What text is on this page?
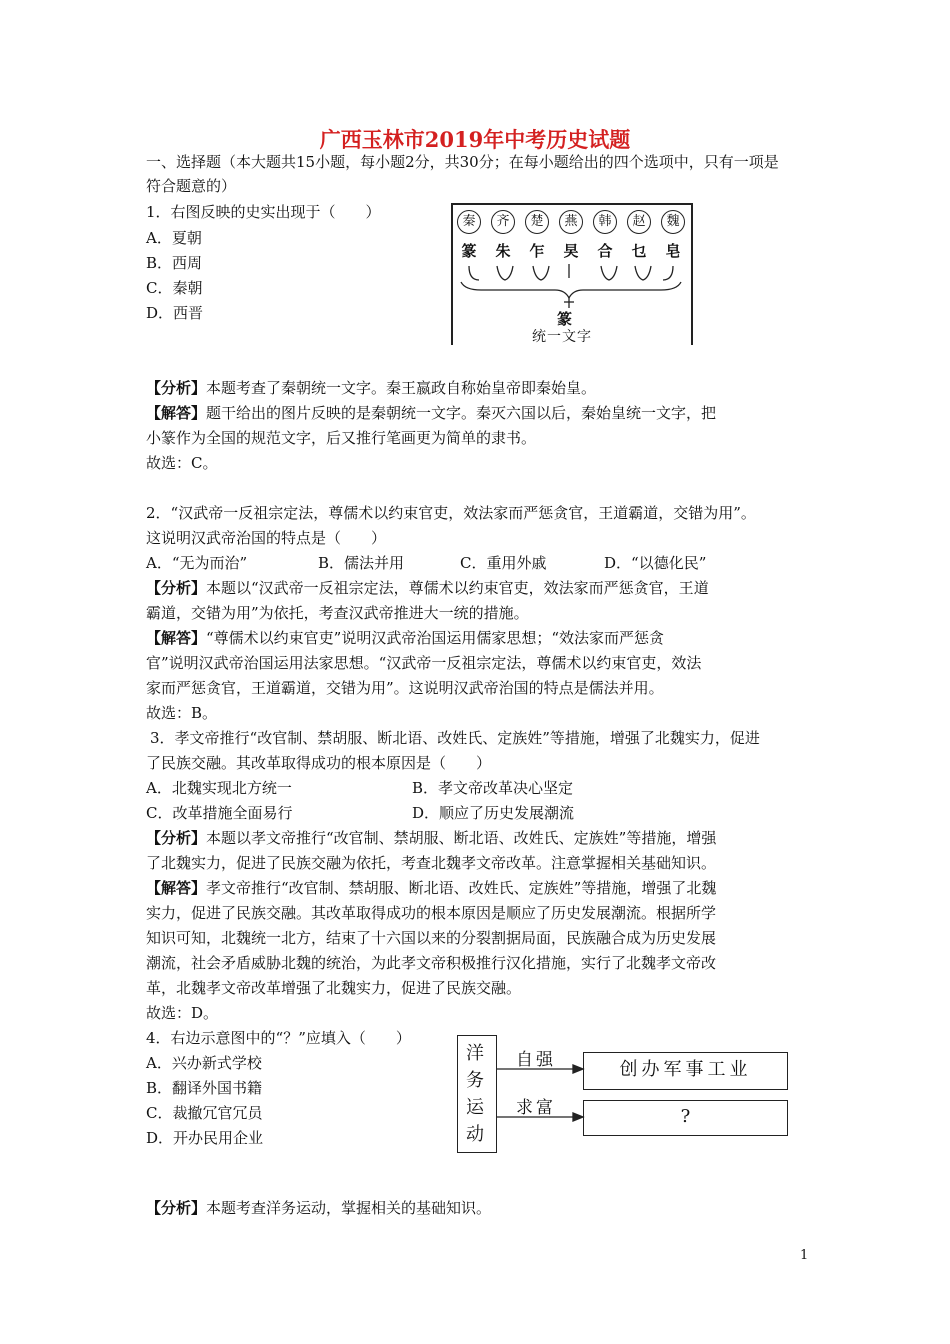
广西玉林市2019年中考历史试题
一、选择题（本大题共15小题，每小题2分，共30分；在每小题给出的四个选项中，只有一项是
符合题意的）
1．右图反映的史实出现于（　　）
A．夏朝
B．西周
C．秦朝
D．西晋
秦	齐	楚	燕	韩	赵	魏
篆	朱	乍	旲	合	乜	皂
篆
统一文字
【分析】本题考查了秦朝统一文字。秦王嬴政自称始皇帝即秦始皇。
【解答】题干给出的图片反映的是秦朝统一文字。秦灭六国以后，秦始皇统一文字，把
小篆作为全国的规范文字，后又推行笔画更为简单的隶书。
故选：C。
2．“汉武帝一反祖宗定法，尊儒术以约束官吏，效法家而严惩贪官，王道霸道，交错为用”。
这说明汉武帝治国的特点是（　　）
A．“无为而治”	B．儒法并用	C．重用外戚	D．“以德化民”
【分析】本题以“汉武帝一反祖宗定法，尊儒术以约束官吏，效法家而严惩贪官，王道
霸道，交错为用”为依托，考查汉武帝推进大一统的措施。
【解答】“尊儒术以约束官吏”说明汉武帝治国运用儒家思想；“效法家而严惩贪
官”说明汉武帝治国运用法家思想。“汉武帝一反祖宗定法，尊儒术以约束官吏，效法
家而严惩贪官，王道霸道，交错为用”。这说明汉武帝治国的特点是儒法并用。
故选：B。
3．孝文帝推行“改官制、禁胡服、断北语、改姓氏、定族姓”等措施，增强了北魏实力，促进
了民族交融。其改革取得成功的根本原因是（　　）
A．北魏实现北方统一	B．孝文帝改革决心坚定
C．改革措施全面易行	D．顺应了历史发展潮流
【分析】本题以孝文帝推行“改官制、禁胡服、断北语、改姓氏、定族姓”等措施，增强
了北魏实力，促进了民族交融为依托，考查北魏孝文帝改革。注意掌握相关基础知识。
【解答】孝文帝推行“改官制、禁胡服、断北语、改姓氏、定族姓”等措施，增强了北魏
实力，促进了民族交融。其改革取得成功的根本原因是顺应了历史发展潮流。根据所学
知识可知，北魏统一北方，结束了十六国以来的分裂割据局面，民族融合成为历史发展
潮流，社会矛盾威胁北魏的统治，为此孝文帝积极推行汉化措施，实行了北魏孝文帝改
革，北魏孝文帝改革增强了北魏实力，促进了民族交融。
故选：D。
4．右边示意图中的“？”应填入（　　）
A．兴办新式学校
B．翻译外国书籍
C．裁撤冗官冗员
D．开办民用企业
洋
务
运
动
自强
求富
创办军事工业
?
【分析】本题考查洋务运动，掌握相关的基础知识。
1
